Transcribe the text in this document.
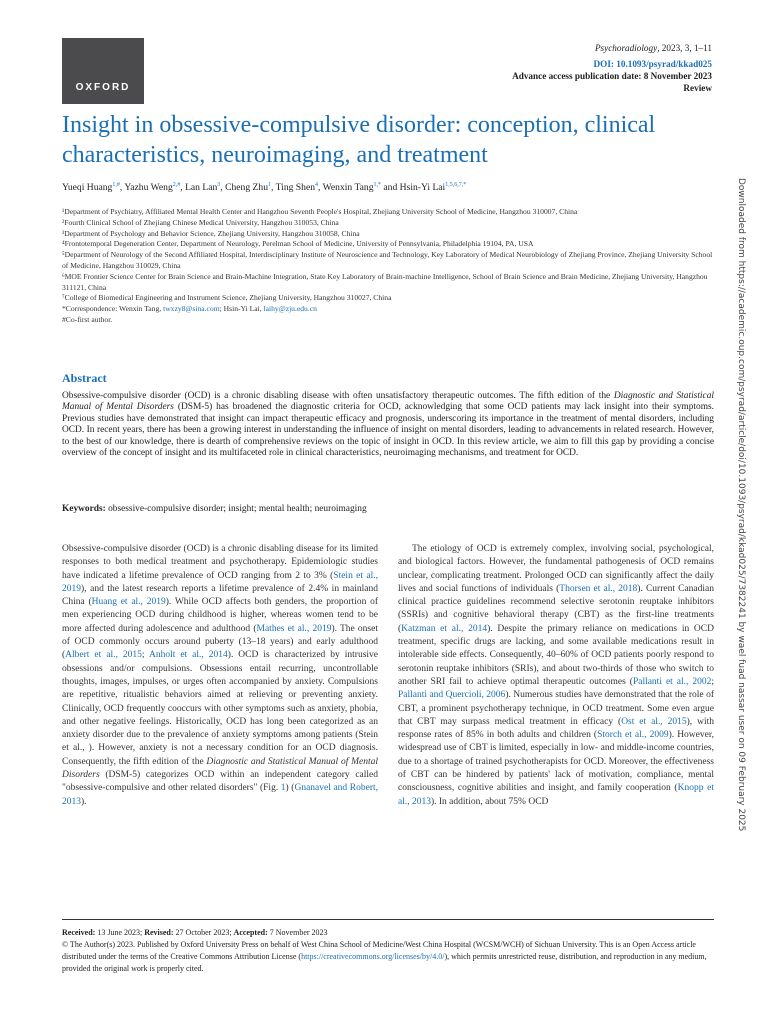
OXFORD
Psychoradiology, 2023, 3, 1–11
DOI: 10.1093/psyrad/kkad025
Advance access publication date: 8 November 2023
Review
Insight in obsessive-compulsive disorder: conception, clinical characteristics, neuroimaging, and treatment
Yueqi Huang$^{1,\#}$, Yazhu Weng$^{2,\#}$, Lan Lan$^3$, Cheng Zhu$^1$, Ting Shen$^4$, Wenxin Tang$^{1,*}$ and Hsin-Yi Lai$^{1,5,6,7,*}$
¹Department of Psychiatry, Affiliated Mental Health Center and Hangzhou Seventh People's Hospital, Zhejiang University School of Medicine, Hangzhou 310007, China
²Fourth Clinical School of Zhejiang Chinese Medical University, Hangzhou 310053, China
³Department of Psychology and Behavior Science, Zhejiang University, Hangzhou 310058, China
⁴Frontotemporal Degeneration Center, Department of Neurology, Perelman School of Medicine, University of Pennsylvania, Philadelphia 19104, PA, USA
⁵Department of Neurology of the Second Affiliated Hospital, Interdisciplinary Institute of Neuroscience and Technology, Key Laboratory of Medical Neurobiology of Zhejiang Province, Zhejiang University School of Medicine, Hangzhou 310029, China
⁶MOE Frontier Science Center for Brain Science and Brain-Machine Integration, State Key Laboratory of Brain-machine Intelligence, School of Brain Science and Brain Medicine, Zhejiang University, Hangzhou 311121, China
⁷College of Biomedical Engineering and Instrument Science, Zhejiang University, Hangzhou 310027, China
*Correspondence: Wenxin Tang, twxzy8@sina.com; Hsin-Yi Lai, laihy@zju.edu.cn
#Co-first author.
Abstract
Obsessive-compulsive disorder (OCD) is a chronic disabling disease with often unsatisfactory therapeutic outcomes. The fifth edition of the Diagnostic and Statistical Manual of Mental Disorders (DSM-5) has broadened the diagnostic criteria for OCD, acknowledging that some OCD patients may lack insight into their symptoms. Previous studies have demonstrated that insight can impact therapeutic efficacy and prognosis, underscoring its importance in the treatment of mental disorders, including OCD. In recent years, there has been a growing interest in understanding the influence of insight on mental disorders, leading to advancements in related research. However, to the best of our knowledge, there is dearth of comprehensive reviews on the topic of insight in OCD. In this review article, we aim to fill this gap by providing a concise overview of the concept of insight and its multifaceted role in clinical characteristics, neuroimaging mechanisms, and treatment for OCD.
Keywords: obsessive-compulsive disorder; insight; mental health; neuroimaging
Obsessive-compulsive disorder (OCD) is a chronic disabling disease for its limited responses to both medical treatment and psychotherapy. Epidemiologic studies have indicated a lifetime prevalence of OCD ranging from 2 to 3% (Stein et al., 2019), and the latest research reports a lifetime prevalence of 2.4% in mainland China (Huang et al., 2019). While OCD affects both genders, the proportion of men experiencing OCD during childhood is higher, whereas women tend to be more affected during adolescence and adulthood (Mathes et al., 2019). The onset of OCD commonly occurs around puberty (13–18 years) and early adulthood (Albert et al., 2015; Anholt et al., 2014). OCD is characterized by intrusive obsessions and/or compulsions. Obsessions entail recurring, uncontrollable thoughts, images, impulses, or urges often accompanied by anxiety. Compulsions are repetitive, ritualistic behaviors aimed at relieving or preventing anxiety. Clinically, OCD frequently cooccurs with other symptoms such as anxiety, phobia, and other negative feelings. Historically, OCD has long been categorized as an anxiety disorder due to the prevalence of anxiety symptoms among patients (Stein et al., ). However, anxiety is not a necessary condition for an OCD diagnosis. Consequently, the fifth edition of the Diagnostic and Statistical Manual of Mental Disorders (DSM-5) categorizes OCD within an independent category called "obsessive-compulsive and other related disorders" (Fig. 1) (Gnanavel and Robert, 2013).
The etiology of OCD is extremely complex, involving social, psychological, and biological factors. However, the fundamental pathogenesis of OCD remains unclear, complicating treatment. Prolonged OCD can significantly affect the daily lives and social functions of individuals (Thorsen et al., 2018). Current Canadian clinical practice guidelines recommend selective serotonin reuptake inhibitors (SSRIs) and cognitive behavioral therapy (CBT) as the first-line treatments (Katzman et al., 2014). Despite the primary reliance on medications in OCD treatment, specific drugs are lacking, and some available medications result in intolerable side effects. Consequently, 40–60% of OCD patients poorly respond to serotonin reuptake inhibitors (SRIs), and about two-thirds of those who switch to another SRI fail to achieve optimal therapeutic outcomes (Pallanti et al., 2002; Pallanti and Quercioli, 2006). Numerous studies have demonstrated that the role of CBT, a prominent psychotherapy technique, in OCD treatment. Some even argue that CBT may surpass medical treatment in efficacy (Ost et al., 2015), with response rates of 85% in both adults and children (Storch et al., 2009). However, widespread use of CBT is limited, especially in low- and middle-income countries, due to a shortage of trained psychotherapists for OCD. Moreover, the effectiveness of CBT can be hindered by patients' lack of motivation, compliance, mental consciousness, cognitive abilities and insight, and family cooperation (Knopp et al., 2013). In addition, about 75% OCD
Received: 13 June 2023; Revised: 27 October 2023; Accepted: 7 November 2023
© The Author(s) 2023. Published by Oxford University Press on behalf of West China School of Medicine/West China Hospital (WCSM/WCH) of Sichuan University. This is an Open Access article distributed under the terms of the Creative Commons Attribution License (https://creativecommons.org/licenses/by/4.0/), which permits unrestricted reuse, distribution, and reproduction in any medium, provided the original work is properly cited.
Downloaded from https://academic.oup.com/psyrad/article/doi/10.1093/psyrad/kkad025/7382241 by wael fuad nassar user on 09 February 2025
